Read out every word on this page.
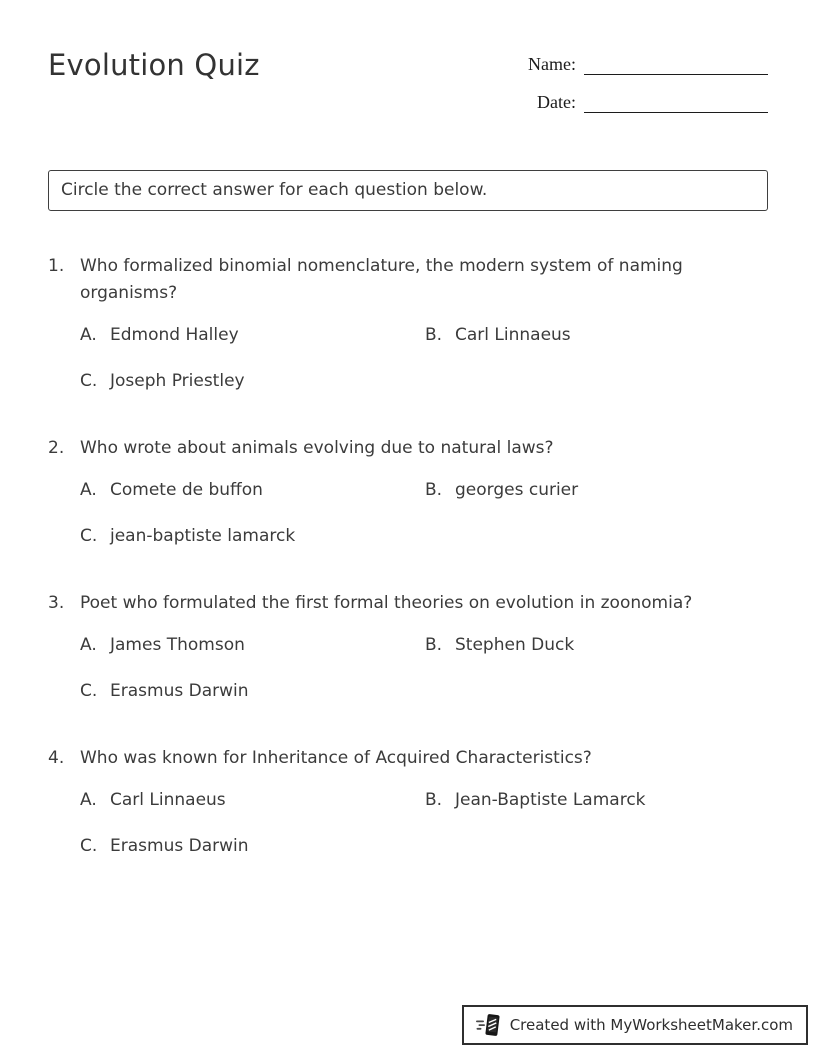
Evolution Quiz	Name:
Date:
Circle the correct answer for each question below.
1. Who formalized binomial nomenclature, the modern system of naming organisms?
A. Edmond Halley	B. Carl Linnaeus
C. Joseph Priestley
2. Who wrote about animals evolving due to natural laws?
A. Comete de buffon	B. georges curier
C. jean-baptiste lamarck
3. Poet who formulated the first formal theories on evolution in zoonomia?
A. James Thomson	B. Stephen Duck
C. Erasmus Darwin
4. Who was known for Inheritance of Acquired Characteristics?
A. Carl Linnaeus	B. Jean-Baptiste Lamarck
C. Erasmus Darwin
Created with MyWorksheetMaker.com
